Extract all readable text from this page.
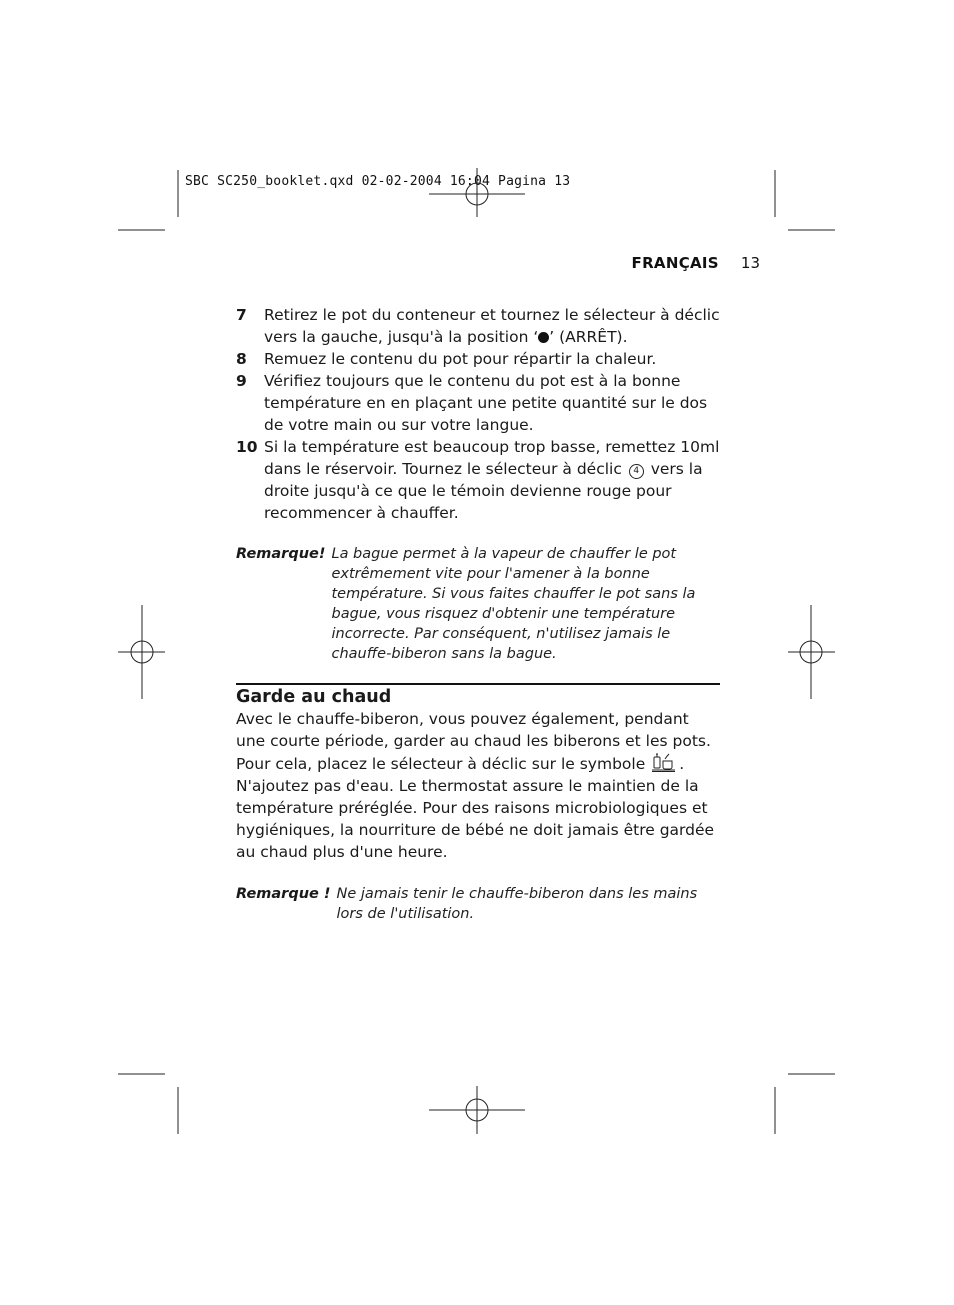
SBC SC250_booklet.qxd 02-02-2004 16:04 Pagina 13
FRANÇAIS 13
7	Retirez le pot du conteneur et tournez le sélecteur à déclic vers la gauche, jusqu'à la position ‘ ’ (ARRÊT).
8	Remuez le contenu du pot pour répartir la chaleur.
9	Vérifiez toujours que le contenu du pot est à la bonne température en en plaçant une petite quantité sur le dos de votre main ou sur votre langue.
10 Si la température est beaucoup trop basse, remettez 10ml dans le réservoir. Tournez le sélecteur à déclic 4 vers la droite jusqu'à ce que le témoin devienne rouge pour recommencer à chauffer.
Remarque! La bague permet à la vapeur de chauffer le pot extrêmement vite pour l'amener à la bonne température. Si vous faites chauffer le pot sans la bague, vous risquez d'obtenir une température incorrecte. Par conséquent, n'utilisez jamais le chauffe-biberon sans la bague.
Garde au chaud

Avec le chauffe-biberon, vous pouvez également, pendant une courte période, garder au chaud les biberons et les pots.

Pour cela, placez le sélecteur à déclic sur le symbole . N'ajoutez pas d'eau. Le thermostat assure le maintien de la température préréglée. Pour des raisons microbiologiques et hygiéniques, la nourriture de bébé ne doit jamais être gardée au chaud plus d'une heure.

Remarque ! Ne jamais tenir le chauffe-biberon dans les mains lors de l'utilisation.
